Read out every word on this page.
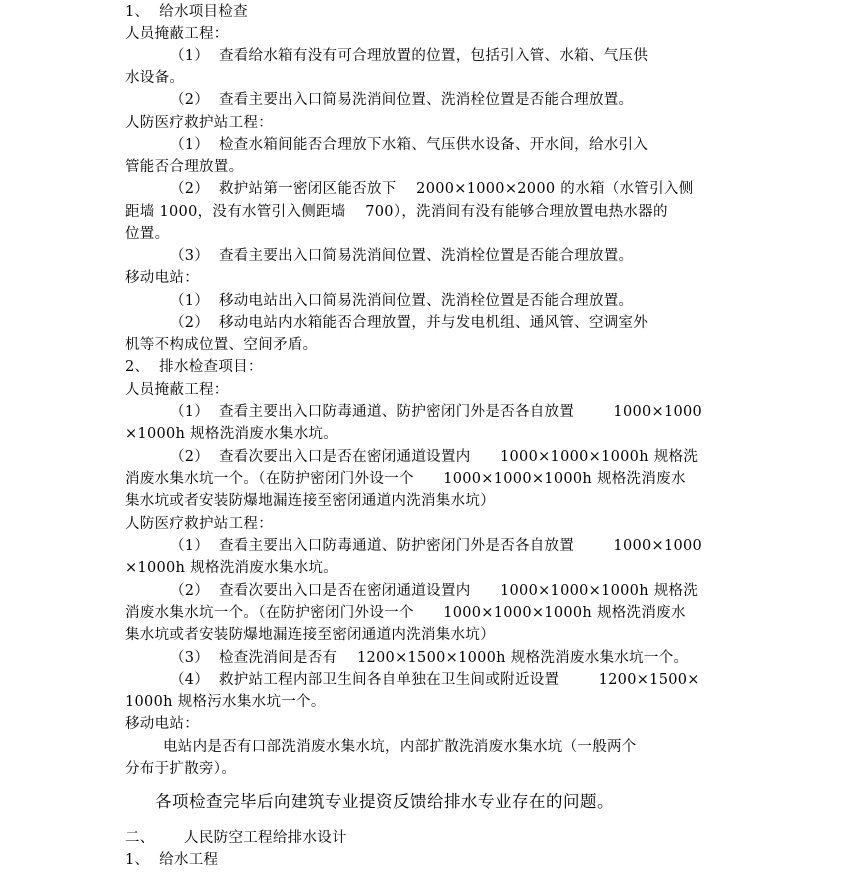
1、  给水项目检查
人员掩蔽工程：
（1）  查看给水箱有没有可合理放置的位置，包括引入管、水箱、气压供
水设备。
（2）  查看主要出入口简易洗消间位置、洗消栓位置是否能合理放置。
人防医疗救护站工程：
（1）  检查水箱间能否合理放下水箱、气压供水设备、开水间，给水引入
管能否合理放置。
（2）  救护站第一密闭区能否放下    2000×1000×2000 的水箱（水管引入侧
距墙 1000，没有水管引入侧距墙    700），洗消间有没有能够合理放置电热水器的
位置。
（3）  查看主要出入口简易洗消间位置、洗消栓位置是否能合理放置。
移动电站：
（1）  移动电站出入口简易洗消间位置、洗消栓位置是否能合理放置。
（2）  移动电站内水箱能否合理放置，并与发电机组、通风管、空调室外
机等不构成位置、空间矛盾。
2、  排水检查项目：
人员掩蔽工程：
（1）  查看主要出入口防毒通道、防护密闭门外是否各自放置        1000×1000
×1000h 规格洗消废水集水坑。
（2）  查看次要出入口是否在密闭通道设置内      1000×1000×1000h 规格洗
消废水集水坑一个。（在防护密闭门外设一个      1000×1000×1000h 规格洗消废水
集水坑或者安装防爆地漏连接至密闭通道内洗消集水坑）
人防医疗救护站工程：
（1）  查看主要出入口防毒通道、防护密闭门外是否各自放置        1000×1000
×1000h 规格洗消废水集水坑。
（2）  查看次要出入口是否在密闭通道设置内      1000×1000×1000h 规格洗
消废水集水坑一个。（在防护密闭门外设一个      1000×1000×1000h 规格洗消废水
集水坑或者安装防爆地漏连接至密闭通道内洗消集水坑）
（3）  检查洗消间是否有    1200×1500×1000h 规格洗消废水集水坑一个。
（4）  救护站工程内部卫生间各自单独在卫生间或附近设置        1200×1500×
1000h 规格污水集水坑一个。
移动电站：
电站内是否有口部洗消废水集水坑，内部扩散洗消废水集水坑（一般两个
分布于扩散旁）。
各项检查完毕后向建筑专业提资反馈给排水专业存在的问题。
二、      人民防空工程给排水设计
1、  给水工程
